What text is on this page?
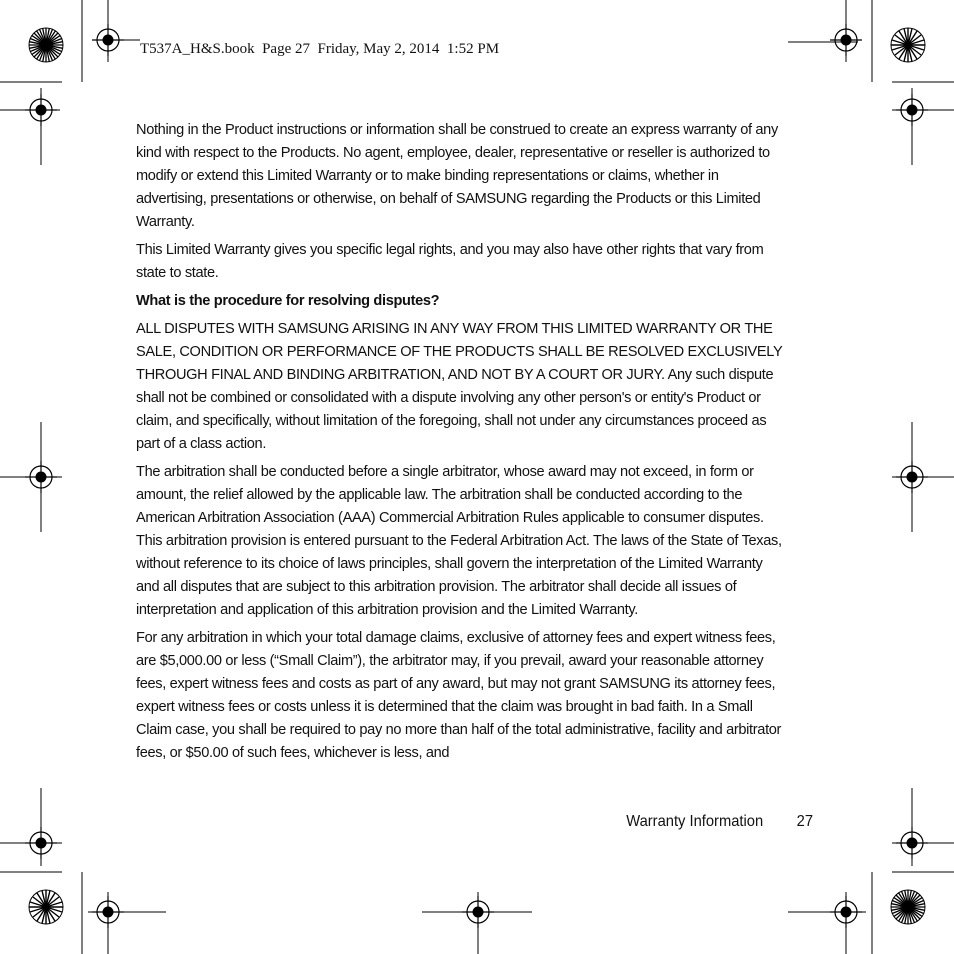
T537A_H&S.book  Page 27  Friday, May 2, 2014  1:52 PM

Nothing in the Product instructions or information shall be construed to create an express warranty of any kind with respect to the Products. No agent, employee, dealer, representative or reseller is authorized to modify or extend this Limited Warranty or to make binding representations or claims, whether in advertising, presentations or otherwise, on behalf of SAMSUNG regarding the Products or this Limited Warranty.

This Limited Warranty gives you specific legal rights, and you may also have other rights that vary from state to state.

What is the procedure for resolving disputes?

ALL DISPUTES WITH SAMSUNG ARISING IN ANY WAY FROM THIS LIMITED WARRANTY OR THE SALE, CONDITION OR PERFORMANCE OF THE PRODUCTS SHALL BE RESOLVED EXCLUSIVELY THROUGH FINAL AND BINDING ARBITRATION, AND NOT BY A COURT OR JURY. Any such dispute shall not be combined or consolidated with a dispute involving any other person's or entity's Product or claim, and specifically, without limitation of the foregoing, shall not under any circumstances proceed as part of a class action.

The arbitration shall be conducted before a single arbitrator, whose award may not exceed, in form or amount, the relief allowed by the applicable law. The arbitration shall be conducted according to the American Arbitration Association (AAA) Commercial Arbitration Rules applicable to consumer disputes. This arbitration provision is entered pursuant to the Federal Arbitration Act. The laws of the State of Texas, without reference to its choice of laws principles, shall govern the interpretation of the Limited Warranty and all disputes that are subject to this arbitration provision. The arbitrator shall decide all issues of interpretation and application of this arbitration provision and the Limited Warranty.

For any arbitration in which your total damage claims, exclusive of attorney fees and expert witness fees, are $5,000.00 or less (“Small Claim”), the arbitrator may, if you prevail, award your reasonable attorney fees, expert witness fees and costs as part of any award, but may not grant SAMSUNG its attorney fees, expert witness fees or costs unless it is determined that the claim was brought in bad faith. In a Small Claim case, you shall be required to pay no more than half of the total administrative, facility and arbitrator fees, or $50.00 of such fees, whichever is less, and

Warranty Information 27
